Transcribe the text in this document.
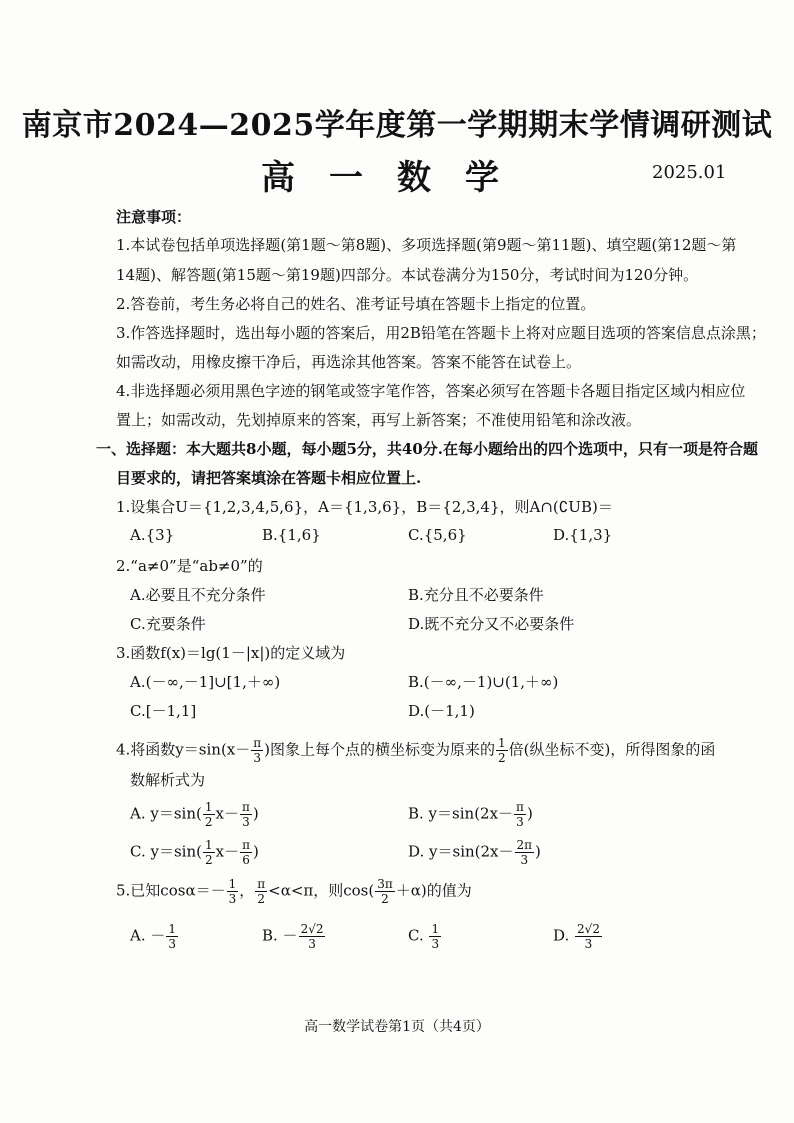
南京市2024—2025学年度第一学期期末学情调研测试
高一数学	2025.01
注意事项：
1.本试卷包括单项选择题(第1题～第8题)、多项选择题(第9题～第11题)、填空题(第12题～第
14题)、解答题(第15题～第19题)四部分。本试卷满分为150分，考试时间为120分钟。
2.答卷前，考生务必将自己的姓名、准考证号填在答题卡上指定的位置。
3.作答选择题时，选出每小题的答案后，用2B铅笔在答题卡上将对应题目选项的答案信息点涂黑；
如需改动，用橡皮擦干净后，再选涂其他答案。答案不能答在试卷上。
4.非选择题必须用黑色字迹的钢笔或签字笔作答，答案必须写在答题卡各题目指定区域内相应位
置上；如需改动，先划掉原来的答案，再写上新答案；不准使用铅笔和涂改液。
一、选择题：本大题共8小题，每小题5分，共40分.在每小题给出的四个选项中，只有一项是符合题
目要求的，请把答案填涂在答题卡相应位置上.
1.设集合U＝{1,2,3,4,5,6}，A＝{1,3,6}，B＝{2,3,4}，则A∩(∁UB)＝
A.{3}	B.{1,6}	C.{5,6}	D.{1,3}
2.“a≠0”是“ab≠0”的
A.必要且不充分条件	B.充分且不必要条件
C.充要条件	D.既不充分又不必要条件
3.函数f(x)＝lg(1－|x|)的定义域为
A.(－∞,－1]∪[1,＋∞)	B.(－∞,－1)∪(1,＋∞)
C.[－1,1]	D.(－1,1)
4.将函数$y=\sin(x- \frac{\pi}{3}$ )图象上每个点的横坐标变为原来的 $\frac{1}{2}$ 倍(纵坐标不变)，所得图象的函
数解析式为
A. $y=\sin( \frac{1}{2} x- \frac{\pi}{3}$ )	B. $y=\sin(2x- \frac{\pi}{3}$ )
C. $y=\sin( \frac{1}{2} x- \frac{\pi}{6}$ )	D. $y=\sin(2x- \frac{2\pi}{3}$ )
5.已知$\cos\alpha=- \frac{1}{3}$ ， $\frac{\pi}{2} <\alpha<\pi$，则$\cos( \frac{3\pi}{2} +\alpha)$的值为
A. － $\frac{1}{3}$	B. － $\frac{2√2}{3}$	C. $\frac{1}{3}$	D. $\frac{2√2}{3}$
高一数学试卷第1页（共4页）
